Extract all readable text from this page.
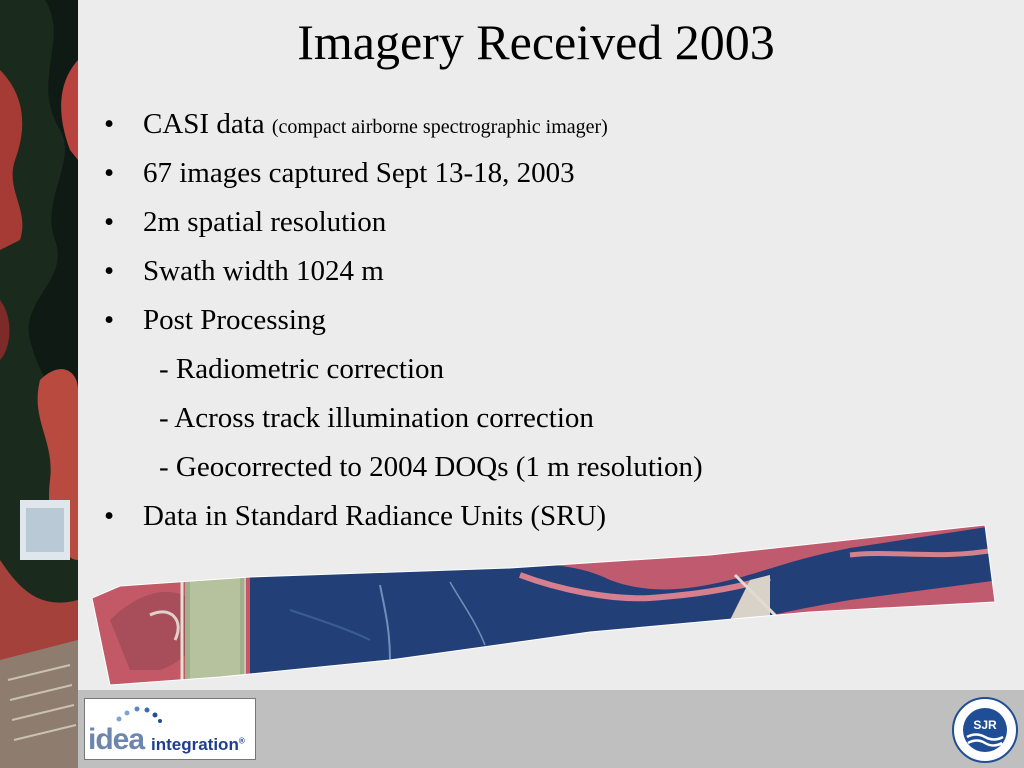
Imagery Received 2003
• CASI data (compact airborne spectrographic imager)
• 67 images captured Sept 13-18, 2003
• 2m spatial resolution
• Swath width 1024 m
• Post Processing
- Radiometric correction
- Across track illumination correction
- Geocorrected to 2004 DOQs (1 m resolution)
• Data in Standard Radiance Units (SRU)
idea integration®
SJR
